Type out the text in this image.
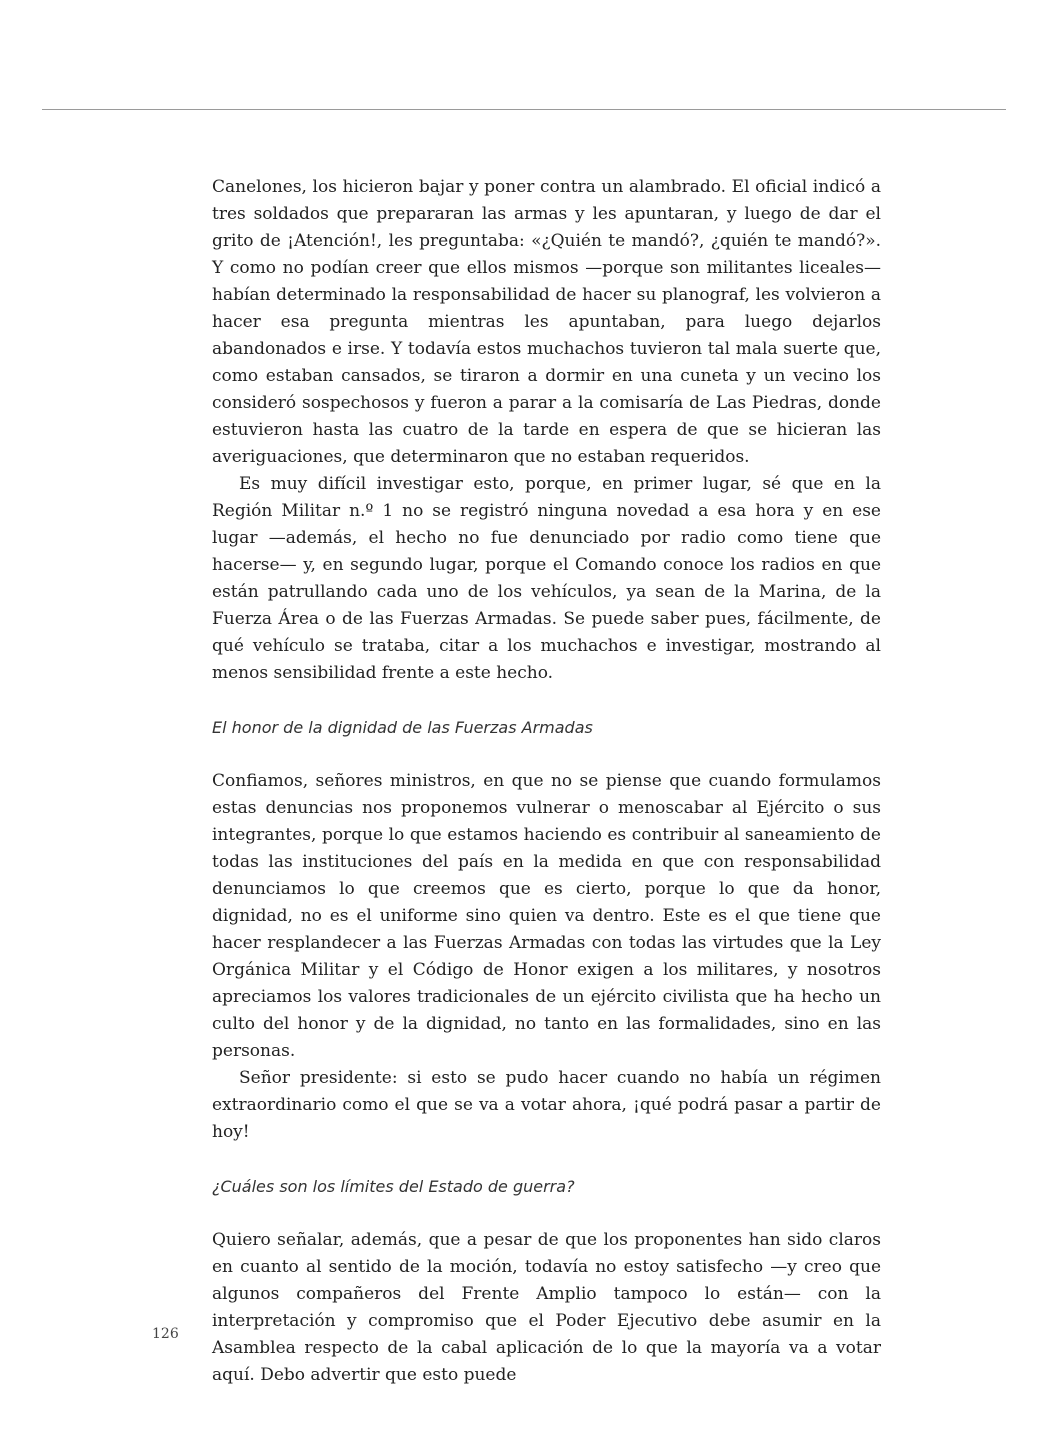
Canelones, los hicieron bajar y poner contra un alambrado. El oficial indicó a tres soldados que prepararan las armas y les apuntaran, y luego de dar el grito de ¡Atención!, les preguntaba: «¿Quién te mandó?, ¿quién te mandó?». Y como no podían creer que ellos mismos —porque son militantes liceales— habían determinado la responsabilidad de hacer su planograf, les volvieron a hacer esa pregunta mientras les apuntaban, para luego dejarlos abandonados e irse. Y todavía estos muchachos tuvieron tal mala suerte que, como estaban cansados, se tiraron a dormir en una cuneta y un vecino los consideró sospechosos y fueron a parar a la comisaría de Las Piedras, donde estuvieron hasta las cuatro de la tarde en espera de que se hicieran las averiguaciones, que determinaron que no estaban requeridos.

Es muy difícil investigar esto, porque, en primer lugar, sé que en la Región Militar n.º 1 no se registró ninguna novedad a esa hora y en ese lugar —además, el hecho no fue denunciado por radio como tiene que hacerse— y, en segundo lugar, porque el Comando conoce los radios en que están patrullando cada uno de los vehículos, ya sean de la Marina, de la Fuerza Área o de las Fuerzas Armadas. Se puede saber pues, fácilmente, de qué vehículo se trataba, citar a los muchachos e investigar, mostrando al menos sensibilidad frente a este hecho.

El honor de la dignidad de las Fuerzas Armadas

Confiamos, señores ministros, en que no se piense que cuando formulamos estas denuncias nos proponemos vulnerar o menoscabar al Ejército o sus integrantes, porque lo que estamos haciendo es contribuir al saneamiento de todas las instituciones del país en la medida en que con responsabilidad denunciamos lo que creemos que es cierto, porque lo que da honor, dignidad, no es el uniforme sino quien va dentro. Este es el que tiene que hacer resplandecer a las Fuerzas Armadas con todas las virtudes que la Ley Orgánica Militar y el Código de Honor exigen a los militares, y nosotros apreciamos los valores tradicionales de un ejército civilista que ha hecho un culto del honor y de la dignidad, no tanto en las formalidades, sino en las personas.

Señor presidente: si esto se pudo hacer cuando no había un régimen extraordinario como el que se va a votar ahora, ¡qué podrá pasar a partir de hoy!

¿Cuáles son los límites del Estado de guerra?

Quiero señalar, además, que a pesar de que los proponentes han sido claros en cuanto al sentido de la moción, todavía no estoy satisfecho —y creo que algunos compañeros del Frente Amplio tampoco lo están— con la interpretación y compromiso que el Poder Ejecutivo debe asumir en la Asamblea respecto de la cabal aplicación de lo que la mayoría va a votar aquí. Debo advertir que esto puede

126
